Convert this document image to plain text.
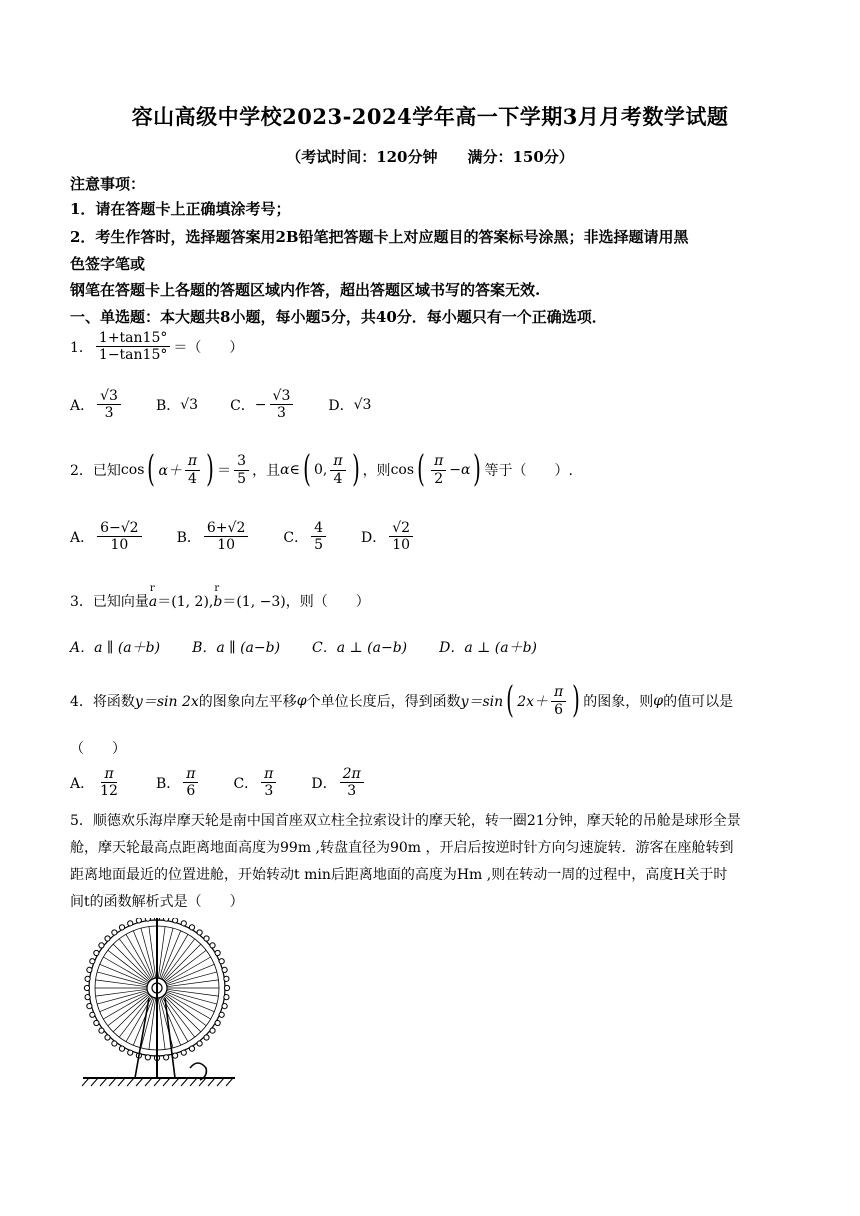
容山高级中学校2023-2024学年高一下学期3月月考数学试题
（考试时间：120分钟　　满分：150分）
注意事项：
1．请在答题卡上正确填涂考号；
2．考生作答时，选择题答案用2B铅笔把答题卡上对应题目的答案标号涂黑；非选择题请用黑
色签字笔或
钢笔在答题卡上各题的答题区域内作答，超出答题区域书写的答案无效.
一、单选题：本大题共8小题，每小题5分，共40分．每小题只有一个正确选项．
1． $\frac{1+\tan 15^\circ}{1-\tan 15^\circ}$ ＝（　　）
A． $\frac{√3}{3}$	B． √3 C． − $\frac{√3}{3}$	D． √3
2．已知 cos ( $\alpha+ \frac{\pi}{4}$ ) ＝ $\frac{3}{5}$ ，且 α∈ ( 0, $\frac{\pi}{4}$ ) ，则 cos ( $\frac{\pi}{2} -\alpha$ ) 等于（　　）.
A． $\frac{6-√2}{10}$	B． $\frac{6+√2}{10}$	C． $\frac{4}{5}$	D． $\frac{√2}{10}$
3．已知向量r a＝(1, 2),r b＝(1, −3)，则（　　）
A．a ∥ (a＋b) B．a ∥ (a−b) C．a ⊥ (a−b) D．a ⊥ (a＋b)
4．将函数 y＝sin 2x 的图象向左平移 φ 个单位长度后，得到函数 y＝sin ( $2x+ \frac{\pi}{6}$ ) 的图象，则 φ 的值可以是
（　　）
A． $\frac{\pi}{12}$	B． $\frac{\pi}{6}$	C． $\frac{\pi}{3}$	D． $\frac{2\pi}{3}$
5．顺德欢乐海岸摩天轮是南中国首座双立柱全拉索设计的摩天轮，转一圈21分钟，摩天轮的吊舱是球形全景
舱，摩天轮最高点距离地面高度为99m ,转盘直径为90m ，开启后按逆时针方向匀速旋转．游客在座舱转到
距离地面最近的位置进舱，开始转动t min后距离地面的高度为Hm ,则在转动一周的过程中，高度H关于时
间t的函数解析式是（　　）
